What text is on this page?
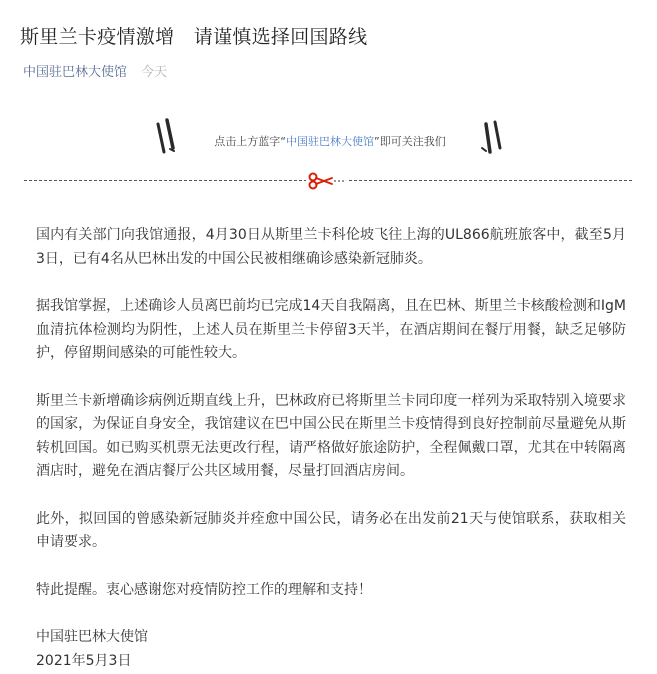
斯里兰卡疫情激增　请谨慎选择回国路线
中国驻巴林大使馆 今天
点击上方蓝字“中国驻巴林大使馆”即可关注我们

国内有关部门向我馆通报，4月30日从斯里兰卡科伦坡飞往上海的UL866航班旅客中，截至5月3日，已有4名从巴林出发的中国公民被相继确诊感染新冠肺炎。

据我馆掌握，上述确诊人员离巴前均已完成14天自我隔离，且在巴林、斯里兰卡核酸检测和IgM血清抗体检测均为阴性，上述人员在斯里兰卡停留3天半，在酒店期间在餐厅用餐，缺乏足够防护，停留期间感染的可能性较大。

斯里兰卡新增确诊病例近期直线上升，巴林政府已将斯里兰卡同印度一样列为采取特别入境要求的国家，为保证自身安全，我馆建议在巴中国公民在斯里兰卡疫情得到良好控制前尽量避免从斯转机回国。如已购买机票无法更改行程，请严格做好旅途防护，全程佩戴口罩，尤其在中转隔离酒店时，避免在酒店餐厅公共区域用餐，尽量打回酒店房间。

此外，拟回国的曾感染新冠肺炎并痊愈中国公民，请务必在出发前21天与使馆联系，获取相关申请要求。

特此提醒。衷心感谢您对疫情防控工作的理解和支持！

中国驻巴林大使馆
2021年5月3日
